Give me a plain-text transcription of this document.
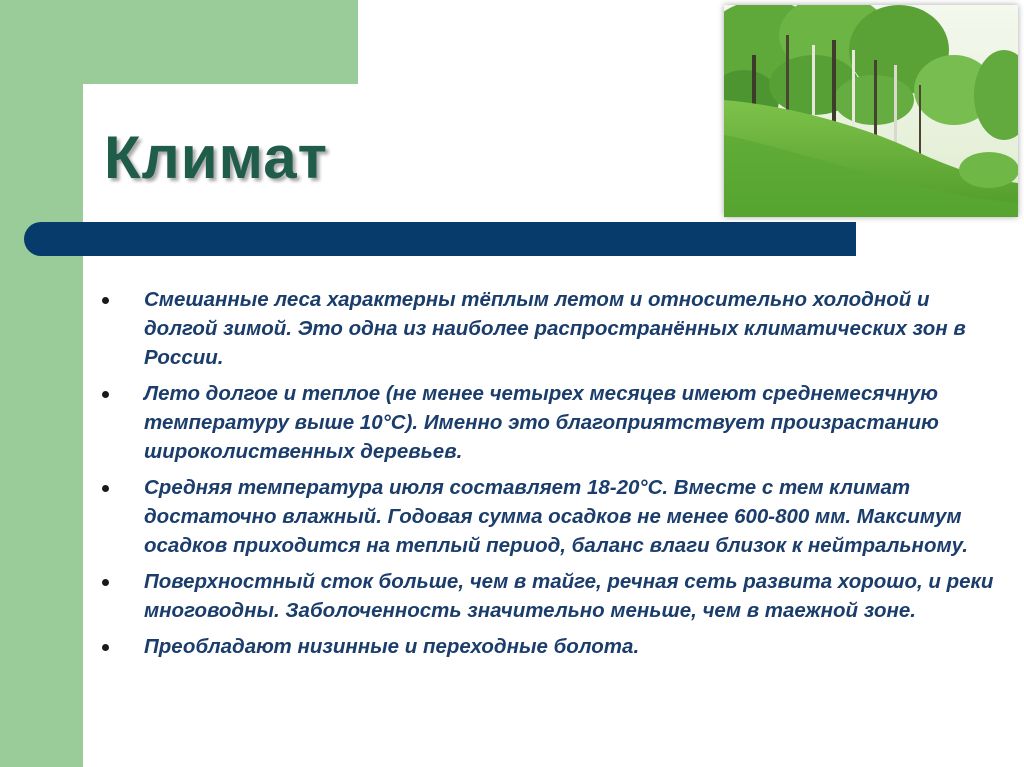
Климат
Смешанные леса характерны тёплым летом и относительно холодной и долгой зимой. Это одна из наиболее распространённых климатических зон в России.
Лето долгое и теплое (не менее четырех месяцев имеют среднемесячную температуру выше 10°C). Именно это благоприятствует произрастанию широколиственных деревьев.
Средняя температура июля составляет 18-20°C. Вместе с тем климат достаточно влажный. Годовая сумма осадков не менее 600-800 мм. Максимум осадков приходится на теплый период, баланс влаги близок к нейтральному.
Поверхностный сток больше, чем в тайге, речная сеть развита хорошо, и реки многоводны. Заболоченность значительно меньше, чем в таежной зоне.
Преобладают низинные и переходные болота.
